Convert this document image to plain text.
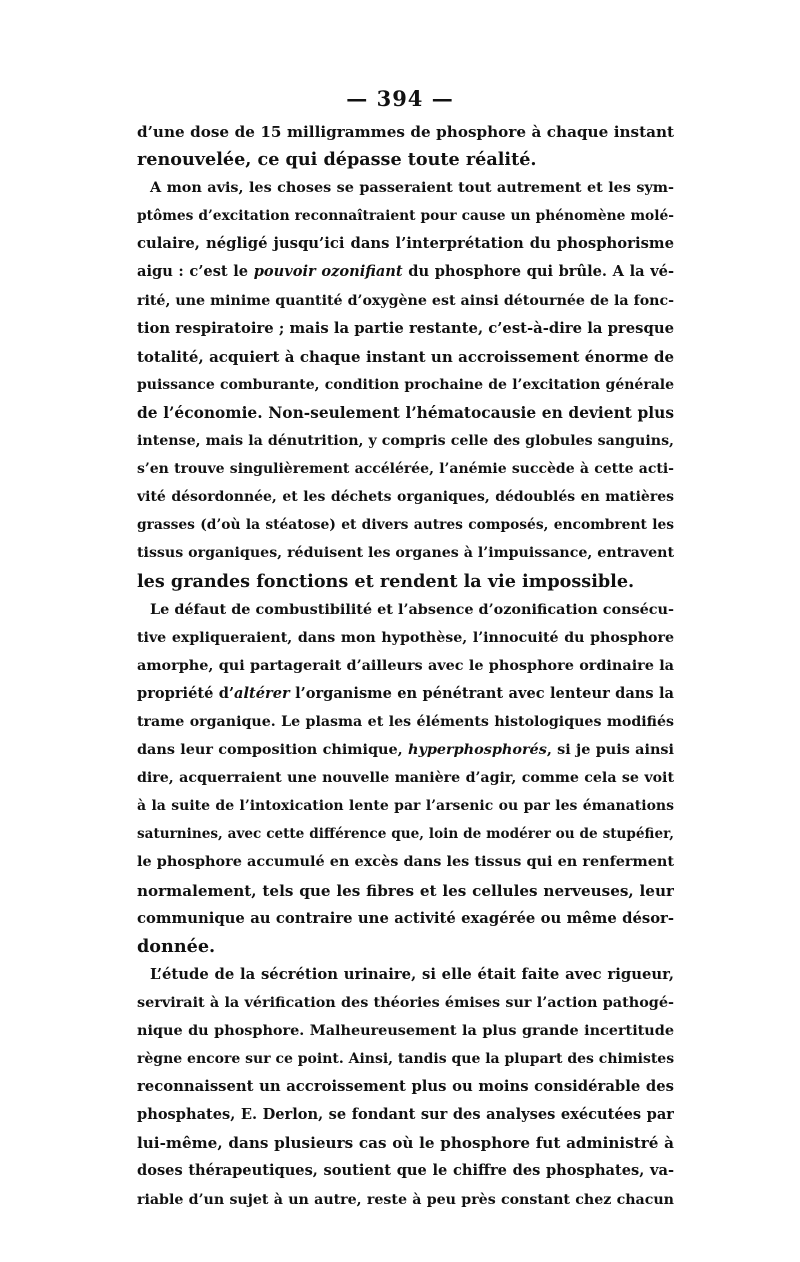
— 394 —
d’une dose de 15 milligrammes de phosphore à chaque instant
renouvelée, ce qui dépasse toute réalité.
A mon avis, les choses se passeraient tout autrement et les sym-
ptômes d’excitation reconnaîtraient pour cause un phénomène molé-
culaire, négligé jusqu’ici dans l’interprétation du phosphorisme
aigu : c’est le pouvoir ozonifiant du phosphore qui brûle. A la vé-
rité, une minime quantité d’oxygène est ainsi détournée de la fonc-
tion respiratoire ; mais la partie restante, c’est-à-dire la presque
totalité, acquiert à chaque instant un accroissement énorme de
puissance comburante, condition prochaine de l’excitation générale
de l’économie. Non-seulement l’hématocausie en devient plus
intense, mais la dénutrition, y compris celle des globules sanguins,
s’en trouve singulièrement accélérée, l’anémie succède à cette acti-
vité désordonnée, et les déchets organiques, dédoublés en matières
grasses (d’où la stéatose) et divers autres composés, encombrent les
tissus organiques, réduisent les organes à l’impuissance, entravent
les grandes fonctions et rendent la vie impossible.
Le défaut de combustibilité et l’absence d’ozonification consécu-
tive expliqueraient, dans mon hypothèse, l’innocuité du phosphore
amorphe, qui partagerait d’ailleurs avec le phosphore ordinaire la
propriété d’altérer l’organisme en pénétrant avec lenteur dans la
trame organique. Le plasma et les éléments histologiques modifiés
dans leur composition chimique, hyperphosphorés, si je puis ainsi
dire, acquerraient une nouvelle manière d’agir, comme cela se voit
à la suite de l’intoxication lente par l’arsenic ou par les émanations
saturnines, avec cette différence que, loin de modérer ou de stupéfier,
le phosphore accumulé en excès dans les tissus qui en renferment
normalement, tels que les fibres et les cellules nerveuses, leur
communique au contraire une activité exagérée ou même désor-
donnée.
L’étude de la sécrétion urinaire, si elle était faite avec rigueur,
servirait à la vérification des théories émises sur l’action pathogé-
nique du phosphore. Malheureusement la plus grande incertitude
règne encore sur ce point. Ainsi, tandis que la plupart des chimistes
reconnaissent un accroissement plus ou moins considérable des
phosphates, E. Derlon, se fondant sur des analyses exécutées par
lui-même, dans plusieurs cas où le phosphore fut administré à
doses thérapeutiques, soutient que le chiffre des phosphates, va-
riable d’un sujet à un autre, reste à peu près constant chez chacun
